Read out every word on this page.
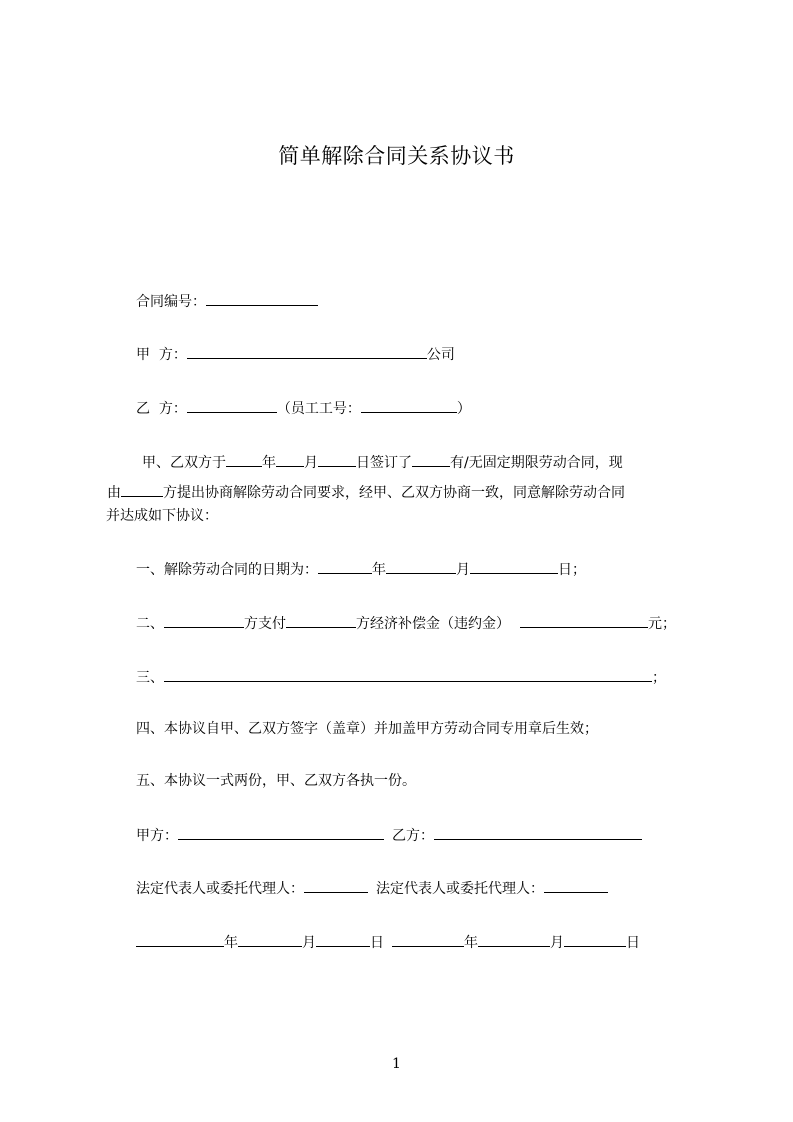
简单解除合同关系协议书
合同编号：
甲  方：	公司
乙  方：	（员工工号：	）
甲、乙双方于	年 月	日签订了	有/无固定期限劳动合同，现
由	方提出协商解除劳动合同要求，经甲、乙双方协商一致，同意解除劳动合同
并达成如下协议：
一、解除劳动合同的日期为：	年	月	日；
二、	方支付	方经济补偿金（违约金）	元；
三、	；
四、本协议自甲、乙双方签字（盖章）并加盖甲方劳动合同专用章后生效；
五、本协议一式两份，甲、乙双方各执一份。
甲方：	乙方：
法定代表人或委托代理人：	法定代表人或委托代理人：
年	月	日	年	月	日
1
